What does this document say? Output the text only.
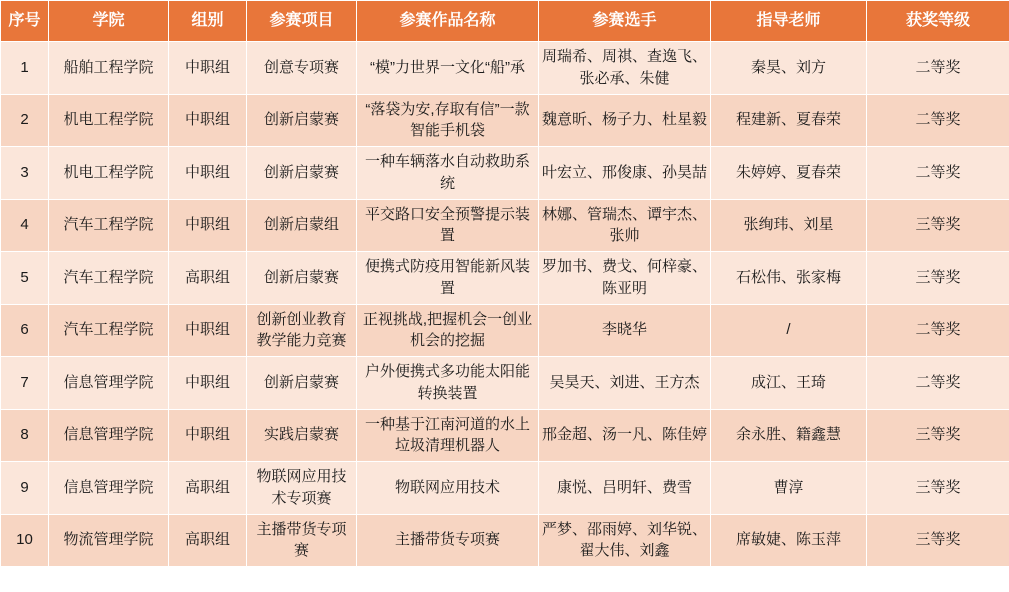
序号	学院	组别	参赛项目	参赛作品名称	参赛选手	指导老师	获奖等级
1	船舶工程学院	中职组	创意专项赛	“模”力世界一文化“船”承	周瑞希、周祺、查逸飞、张必承、朱健	秦昊、刘方	二等奖
2	机电工程学院	中职组	创新启蒙赛	“落袋为安,存取有信”一款智能手机袋	魏意昕、杨子力、杜星毅	程建新、夏春荣	二等奖
3	机电工程学院	中职组	创新启蒙赛	一种车辆落水自动救助系统	叶宏立、邢俊康、孙昊喆	朱婷婷、夏春荣	二等奖
4	汽车工程学院	中职组	创新启蒙组	平交路口安全预警提示装置	林娜、管瑞杰、谭宇杰、张帅	张绚玮、刘星	三等奖
5	汽车工程学院	高职组	创新启蒙赛	便携式防疫用智能新风装置	罗加书、费戈、何梓豪、陈亚明	石松伟、张家梅	三等奖
6	汽车工程学院	中职组	创新创业教育教学能力竞赛	正视挑战,把握机会一创业机会的挖掘	李晓华	/	二等奖
7	信息管理学院	中职组	创新启蒙赛	户外便携式多功能太阳能转换装置	吴昊天、刘进、王方杰	成江、王琦	二等奖
8	信息管理学院	中职组	实践启蒙赛	一种基于江南河道的水上垃圾清理机器人	邢金超、汤一凡、陈佳婷	余永胜、籍鑫慧	三等奖
9	信息管理学院	高职组	物联网应用技术专项赛	物联网应用技术	康悦、吕明轩、费雪	曹淳	三等奖
10	物流管理学院	高职组	主播带货专项赛	主播带货专项赛	严梦、邵雨婷、刘华锐、翟大伟、刘鑫	席敏婕、陈玉萍	三等奖
